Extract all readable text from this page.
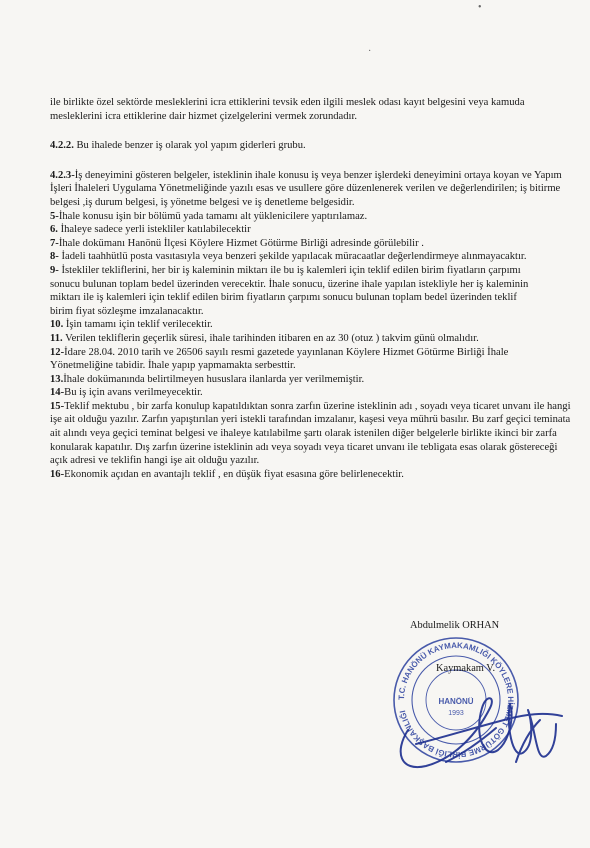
•
·

ile birlikte özel sektörde mesleklerini icra ettiklerini tevsik eden ilgili meslek odası kayıt belgesini veya kamuda mesleklerini icra ettiklerine dair hizmet çizelgelerini vermek zorundadır.

4.2.2. Bu ihalede benzer iş olarak yol yapım giderleri grubu.

4.2.3-İş deneyimini gösteren belgeler, isteklinin ihale konusu iş veya benzer işlerdeki deneyimini ortaya koyan ve Yapım İşleri İhaleleri Uygulama Yönetmeliğinde yazılı esas ve usullere göre düzenlenerek verilen ve değerlendirilen; iş bitirme belgesi ,iş durum belgesi, iş yönetme belgesi ve iş denetleme belgesidir.

5-İhale konusu işin bir bölümü yada tamamı alt yüklenicilere yaptırılamaz.

6. İhaleye sadece yerli istekliler katılabilecektir

7-İhale dokümanı Hanönü İlçesi Köylere Hizmet Götürme Birliği adresinde görülebilir .

8- İadeli taahhütlü posta vasıtasıyla veya benzeri şekilde yapılacak müracaatlar değerlendirmeye alınmayacaktır.

9- İstekliler tekliflerini, her bir iş kaleminin miktarı ile bu iş kalemleri için teklif edilen birim fiyatların çarpımı
sonucu bulunan toplam bedel üzerinden verecektir. İhale sonucu, üzerine ihale yapılan istekliyle her iş kaleminin
miktarı ile iş kalemleri için teklif edilen birim fiyatların çarpımı sonucu bulunan toplam bedel üzerinden teklif
birim fiyat sözleşme imzalanacaktır.

10. İşin tamamı için teklif verilecektir.

11. Verilen tekliflerin geçerlik süresi, ihale tarihinden itibaren en az 30 (otuz ) takvim günü olmalıdır.

12-İdare 28.04. 2010 tarih ve 26506 sayılı resmi gazetede yayınlanan Köylere Hizmet Götürme Birliği İhale Yönetmeliğine tabidir. İhale yapıp yapmamakta serbesttir.

13.İhale dokümanında belirtilmeyen hususlara ilanlarda yer verilmemiştir.

14-Bu iş için avans verilmeyecektir.

15-Teklif mektubu , bir zarfa konulup kapatıldıktan sonra zarfın üzerine isteklinin adı , soyadı veya ticaret unvanı ile hangi işe ait olduğu yazılır. Zarfın yapıştırılan yeri istekli tarafından imzalanır, kaşesi veya mührü basılır. Bu zarf geçici teminata ait alındı veya geçici teminat belgesi ve ihaleye katılabilme şartı olarak istenilen diğer belgelerle birlikte ikinci bir zarfa konularak kapatılır. Dış zarfın üzerine isteklinin adı veya soyadı veya ticaret unvanı ile tebligata esas olarak göstereceği açık adresi ve teklifin hangi işe ait olduğu yazılır.

16-Ekonomik açıdan en avantajlı teklif , en düşük fiyat esasına göre belirlenecektir.

T.C. HANÖNÜ KAYMAKAMLIĞI KÖYLERE HİZMET GÖTÜRME BİRLİĞİ BAŞKANLIĞI
HANÖNÜ
1993
Abdulmelik ORHAN
Kaymakam V.
